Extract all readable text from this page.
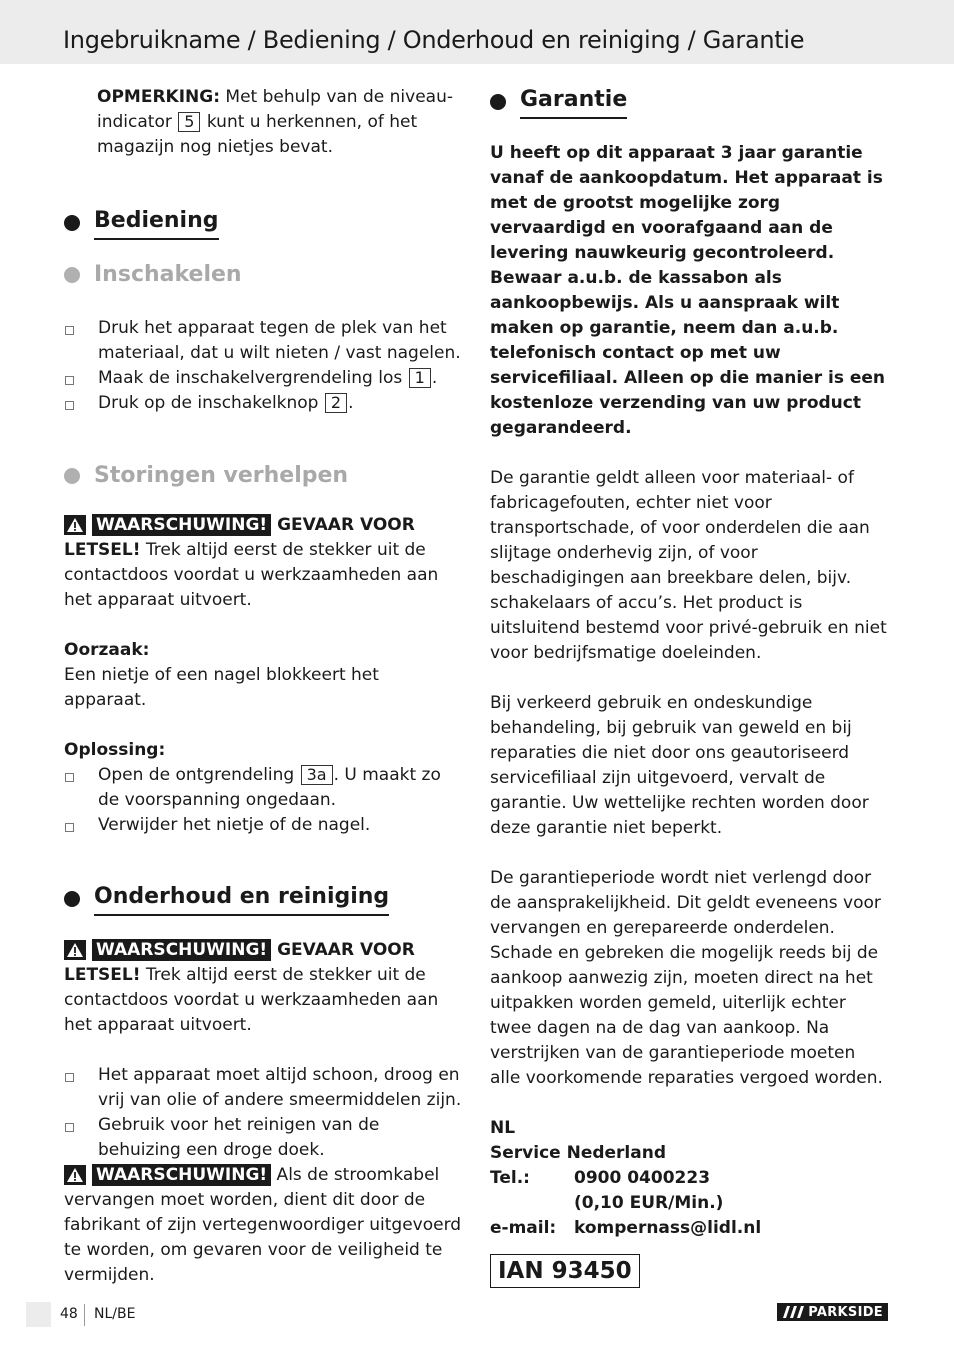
Ingebruikname / Bediening / Onderhoud en reiniging / Garantie

OPMERKING: Met behulp van de niveau-indicator 5 kunt u herkennen, of het magazijn nog nietjes bevat.

Bediening
Inschakelen

Druk het apparaat tegen de plek van het materiaal, dat u wilt nieten / vast nagelen.

Maak de inschakelvergrendeling los 1 .

Druk op de inschakelknop 2 .

Storingen verhelpen

WAARSCHUWING! GEVAAR VOOR LETSEL! Trek altijd eerst de stekker uit de contactdoos voordat u werkzaamheden aan het apparaat uitvoert.

Oorzaak:

Een nietje of een nagel blokkeert het apparaat.

Oplossing:

Open de ontgrendeling 3a . U maakt zo de voorspanning ongedaan.

Verwijder het nietje of de nagel.

Onderhoud en reiniging

WAARSCHUWING! GEVAAR VOOR LETSEL! Trek altijd eerst de stekker uit de contactdoos voordat u werkzaamheden aan het apparaat uitvoert.

Het apparaat moet altijd schoon, droog en vrij van olie of andere smeermiddelen zijn.

Gebruik voor het reinigen van de behuizing een droge doek.

WAARSCHUWING! Als de stroomkabel vervangen moet worden, dient dit door de fabrikant of zijn vertegenwoordiger uitgevoerd te worden, om gevaren voor de veiligheid te vermijden.

Garantie

U heeft op dit apparaat 3 jaar garantie vanaf de aankoopdatum. Het apparaat is met de grootst mogelijke zorg vervaardigd en voorafgaand aan de levering nauwkeurig gecontroleerd. Bewaar a.u.b. de kassabon als aankoopbewijs. Als u aanspraak wilt maken op garantie, neem dan a.u.b. telefonisch contact op met uw servicefiliaal. Alleen op die manier is een kostenloze verzending van uw product gegarandeerd.

De garantie geldt alleen voor materiaal- of fabricagefouten, echter niet voor transportschade, of voor onderdelen die aan slijtage onderhevig zijn, of voor beschadigingen aan breekbare delen, bijv. schakelaars of accu’s. Het product is uitsluitend bestemd voor privé-gebruik en niet voor bedrijfsmatige doeleinden.

Bij verkeerd gebruik en ondeskundige behandeling, bij gebruik van geweld en bij reparaties die niet door ons geautoriseerd servicefiliaal zijn uitgevoerd, vervalt de garantie. Uw wettelijke rechten worden door deze garantie niet beperkt.

De garantieperiode wordt niet verlengd door de aansprakelijkheid. Dit geldt eveneens voor vervangen en gerepareerde onderdelen. Schade en gebreken die mogelijk reeds bij de aankoop aanwezig zijn, moeten direct na het uitpakken worden gemeld, uiterlijk echter twee dagen na de dag van aankoop. Na verstrijken van de garantieperiode moeten alle voorkomende reparaties vergoed worden.

NL

Service Nederland

Tel.:	0900 0400223

(0,10 EUR/Min.)

e-mail:	kompernass@lidl.nl

IAN 93450
48 NL/BE	PARKSIDE
